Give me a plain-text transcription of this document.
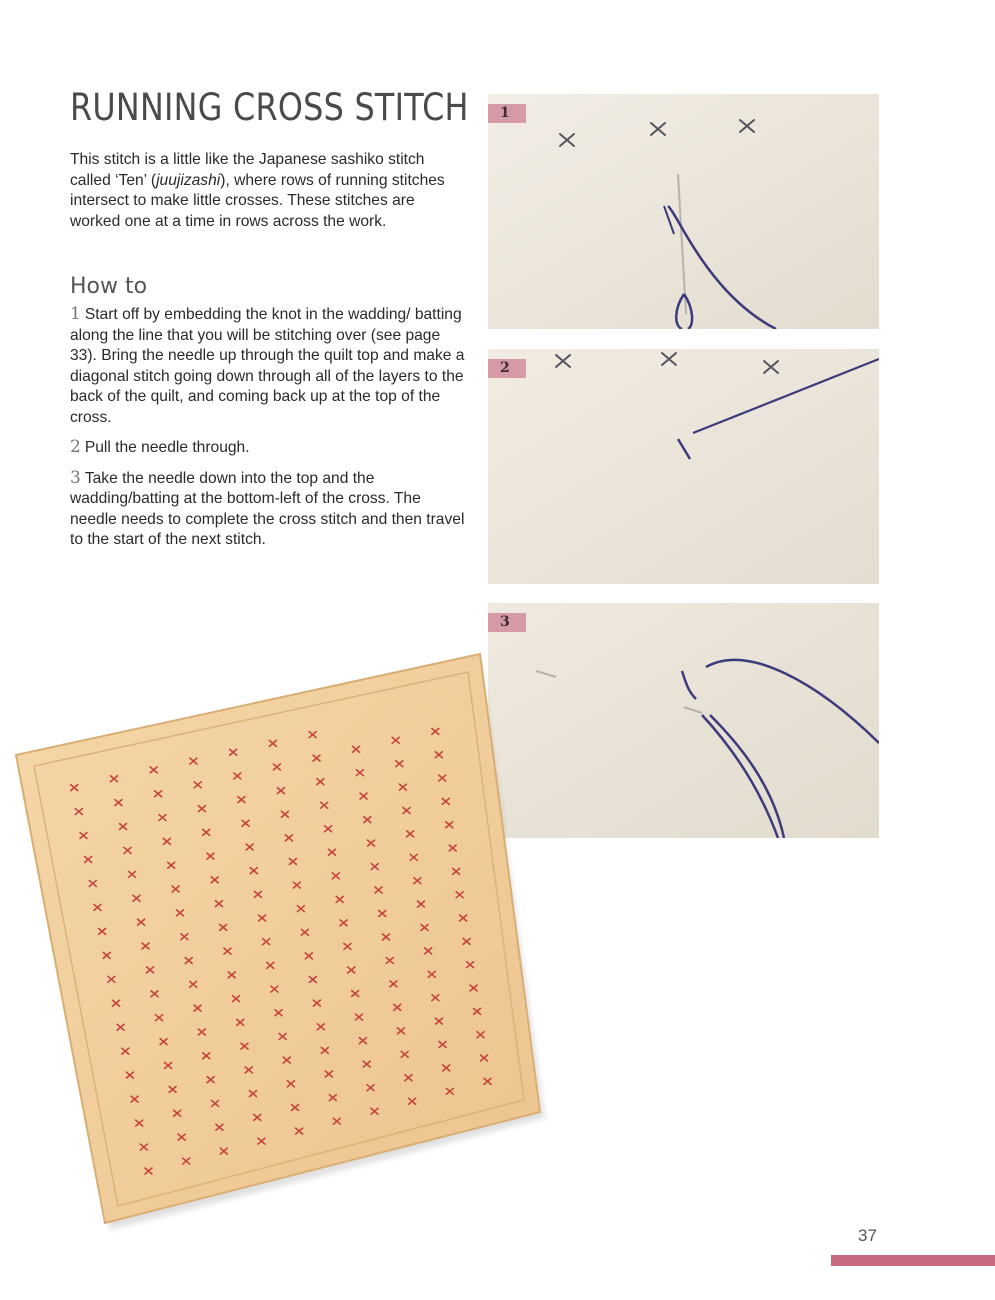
RUNNING CROSS STITCH

This stitch is a little like the Japanese sashiko stitch called ‘Ten’ (juujizashi), where rows of running stitches intersect to make little crosses. These stitches are worked one at a time in rows across the work.

How to

1 Start off by embedding the knot in the wadding/ batting along the line that you will be stitching over (see page 33). Bring the needle up through the quilt top and make a diagonal stitch going down through all of the layers to the back of the quilt, and coming back up at the top of the cross.

2 Pull the needle through.

3 Take the needle down into the top and the wadding/batting at the bottom-left of the cross. The needle needs to complete the cross stitch and then travel to the start of the next stitch.

1
2
3
37
